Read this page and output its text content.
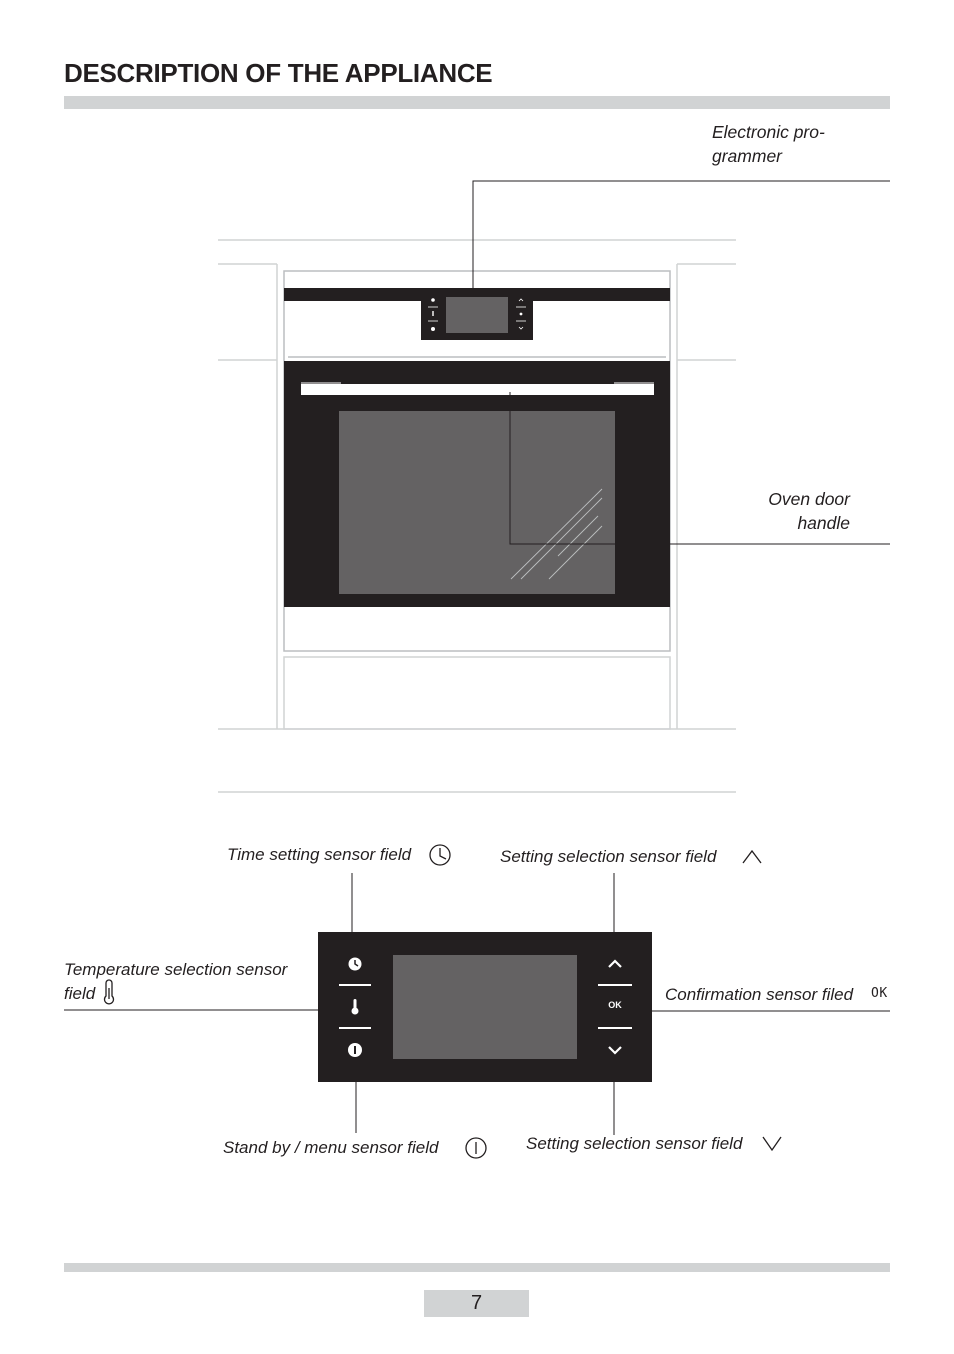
DESCRIPTION OF THE APPLIANCE
7
OK
OK
Electronic pro-
grammer
Oven door
handle
Time setting sensor field	Setting selection sensor field
Temperature selection sensor
field	Confirmation sensor filed
Stand by / menu sensor field	Setting selection sensor field
